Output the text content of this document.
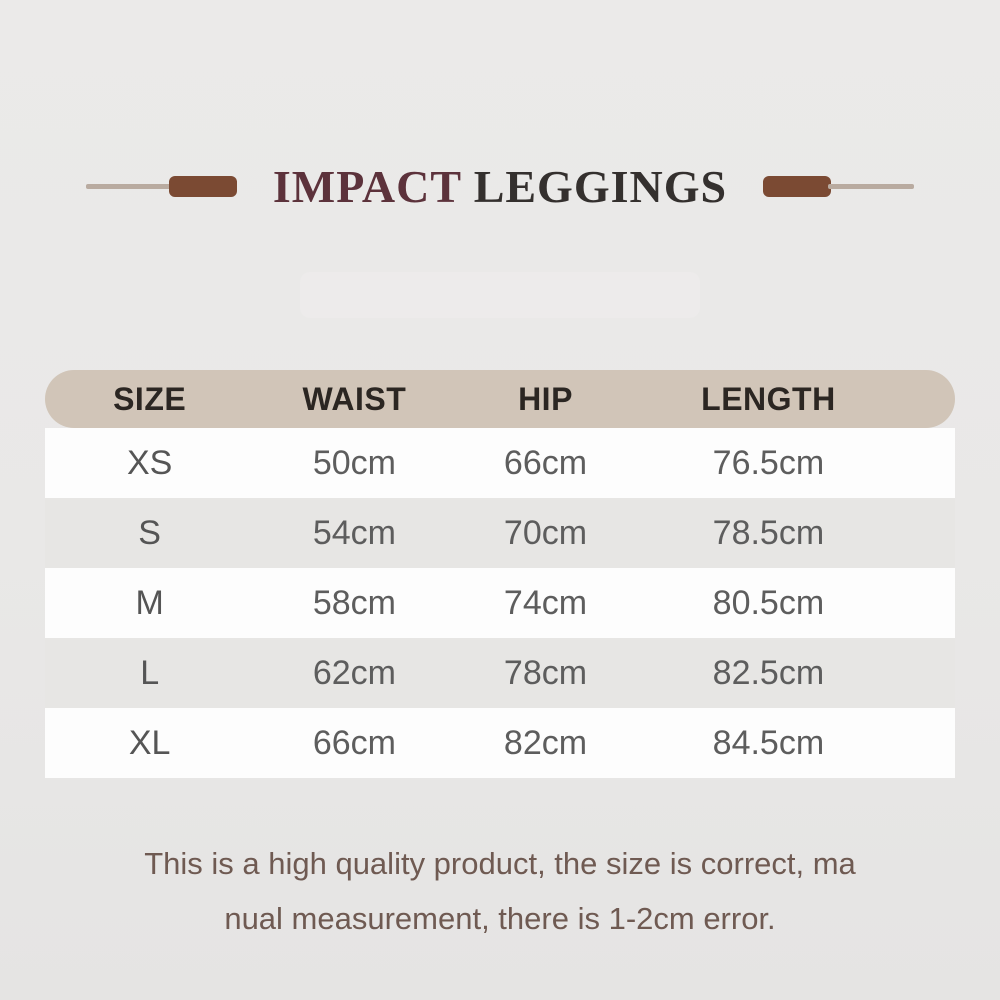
IMPACT LEGGINGS
SIZE	WAIST	HIP	LENGTH
XS	50cm	66cm	76.5cm
S	54cm	70cm	78.5cm
M	58cm	74cm	80.5cm
L	62cm	78cm	82.5cm
XL	66cm	82cm	84.5cm
This is a high quality product, the size is correct, ma
nual measurement, there is 1-2cm error.
